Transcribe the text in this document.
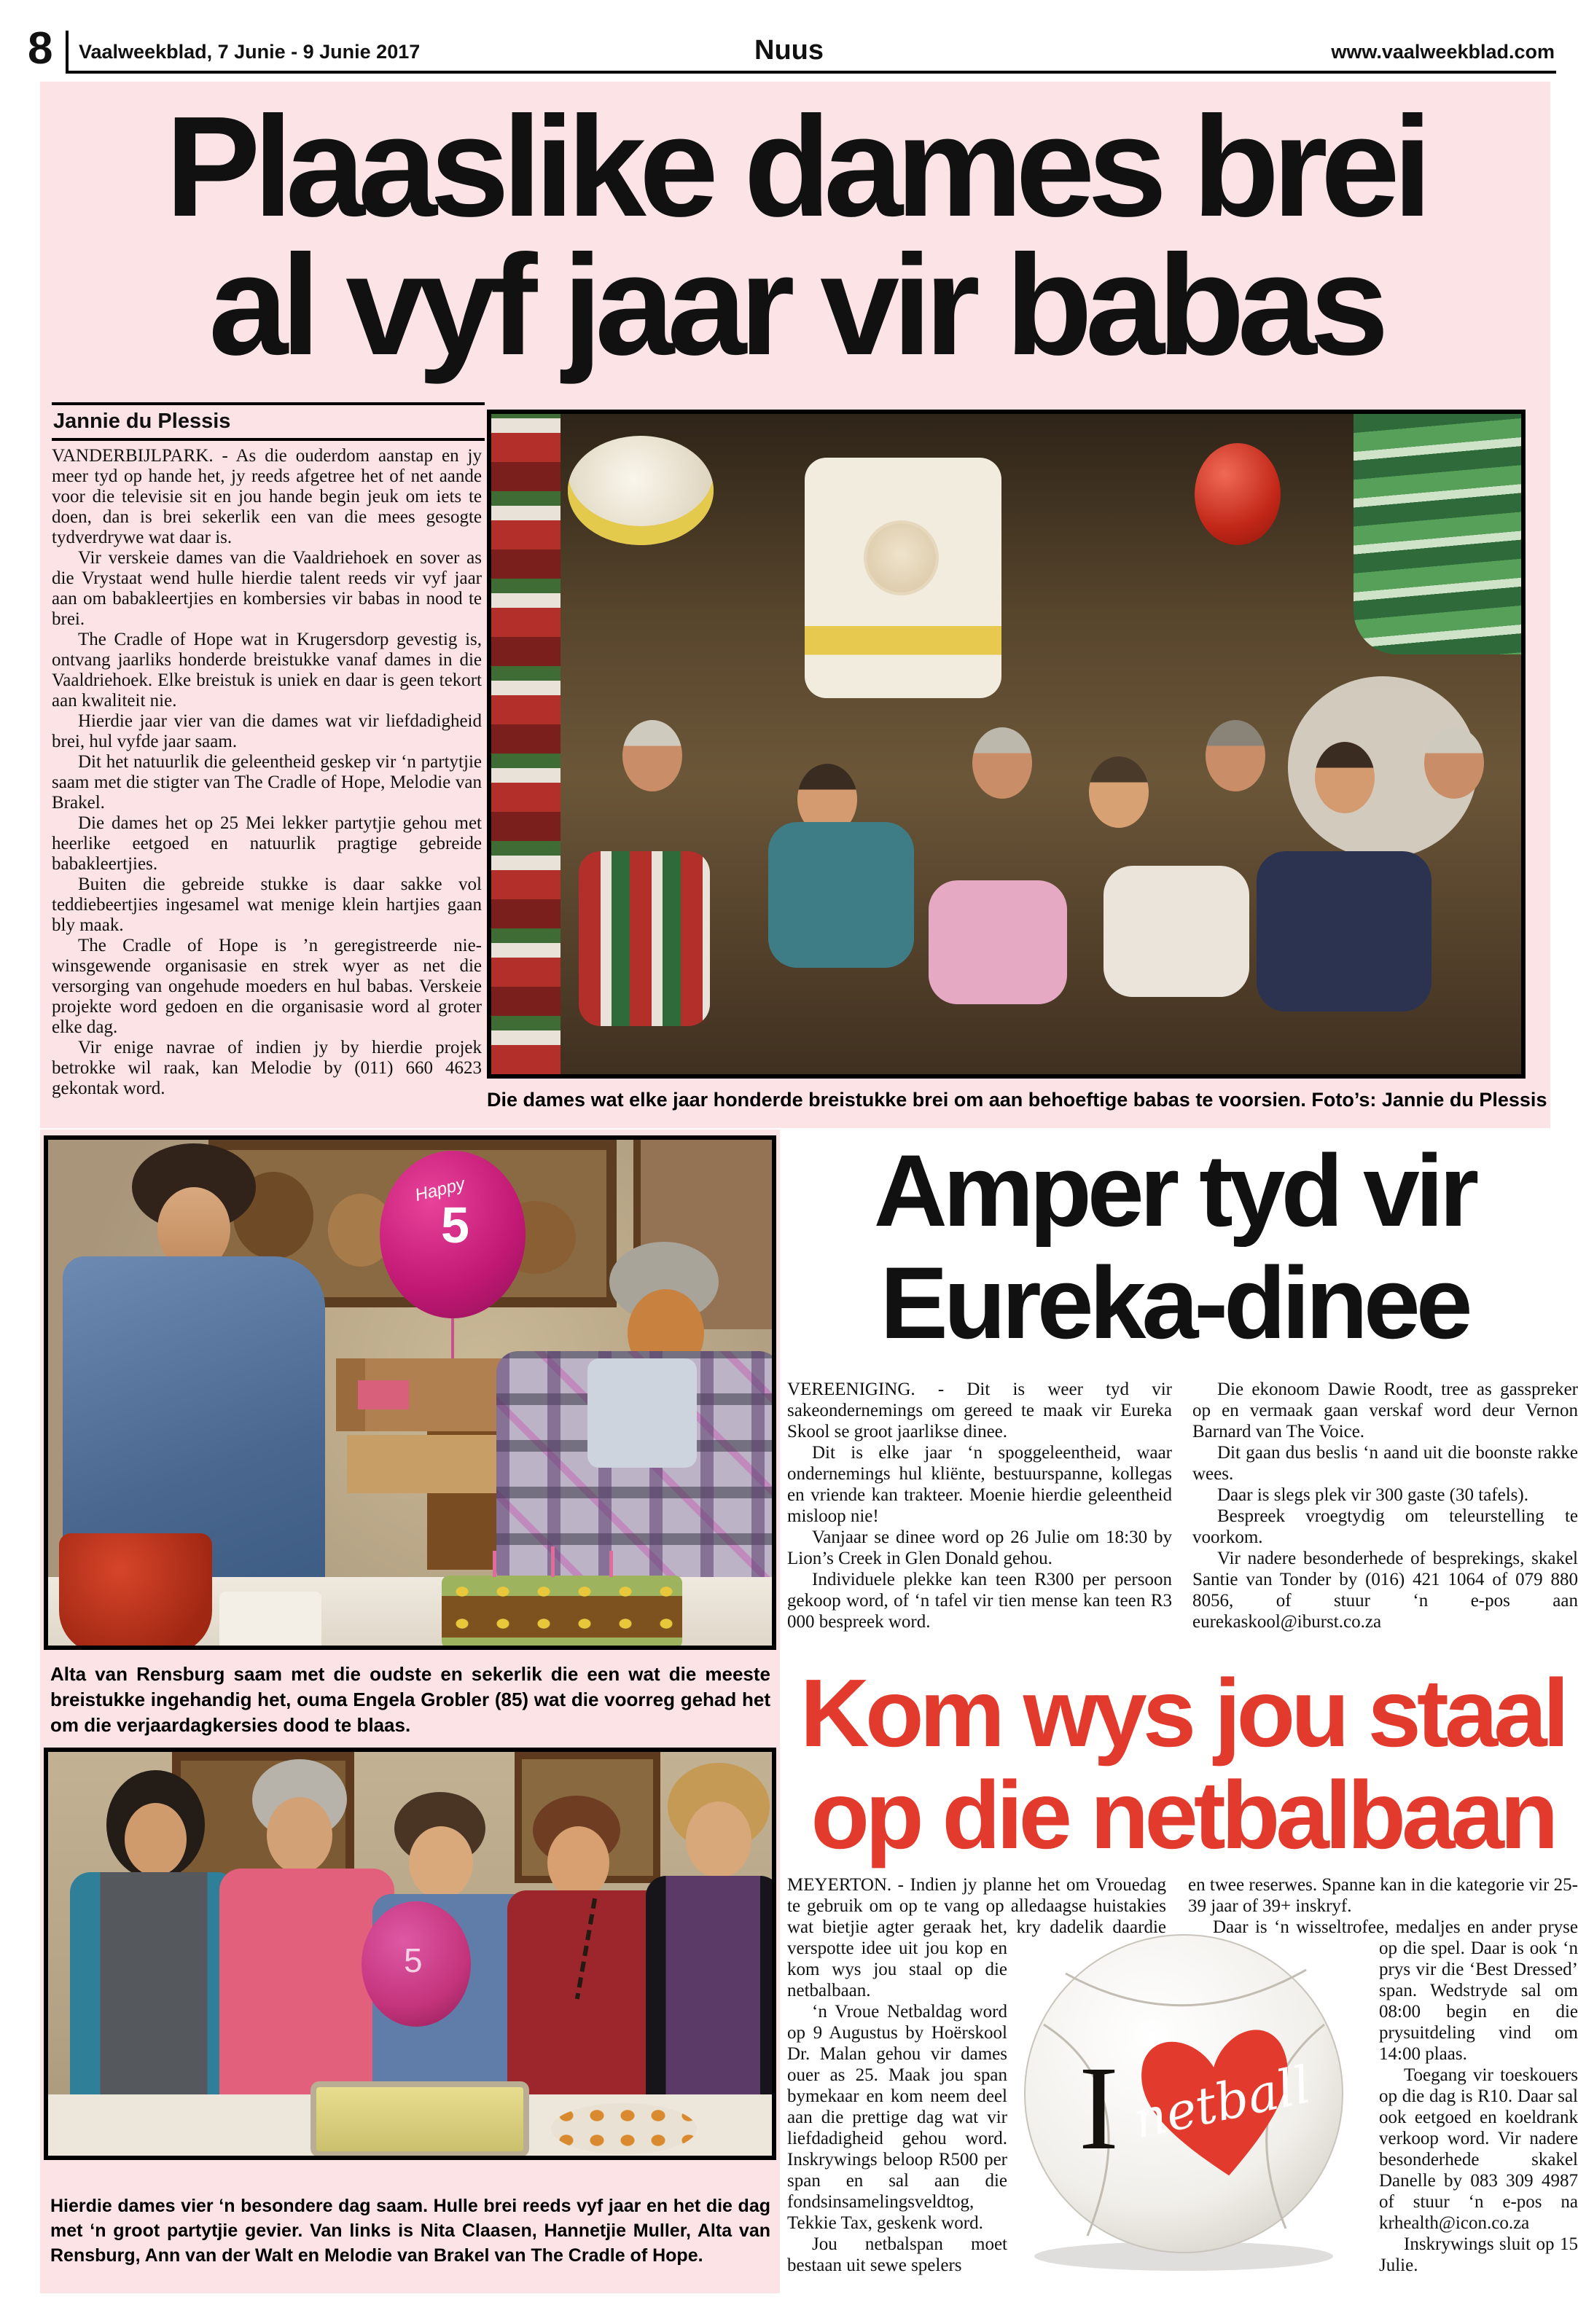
8 Vaalweekblad, 7 Junie - 9 Junie 2017	Nuus	www.vaalweekblad.com
Plaaslike dames brei
al vyf jaar vir babas
Jannie du Plessis

VANDERBIJLPARK. - As die ouderdom aanstap en jy meer tyd op hande het, jy reeds afgetree het of net aande voor die televisie sit en jou hande begin jeuk om iets te doen, dan is brei sekerlik een van die mees gesogte tydverdrywe wat daar is.

Vir verskeie dames van die Vaaldriehoek en sover as die Vrystaat wend hulle hierdie talent reeds vir vyf jaar aan om babakleertjies en kombersies vir babas in nood te brei.

The Cradle of Hope wat in Krugersdorp gevestig is, ontvang jaarliks honderde breistukke vanaf dames in die Vaaldriehoek. Elke breistuk is uniek en daar is geen tekort aan kwaliteit nie.

Hierdie jaar vier van die dames wat vir liefdadigheid brei, hul vyfde jaar saam.

Dit het natuurlik die geleentheid geskep vir ‘n partytjie saam met die stigter van The Cradle of Hope, Melodie van Brakel.

Die dames het op 25 Mei lekker partytjie gehou met heerlike eetgoed en natuurlik pragtige gebreide babakleertjies.

Buiten die gebreide stukke is daar sakke vol teddiebeertjies ingesamel wat menige klein hartjies gaan bly maak.

The Cradle of Hope is ’n geregistreerde nie-winsgewende organisasie en strek wyer as net die versorging van ongehude moeders en hul babas. Verskeie projekte word gedoen en die organisasie word al groter elke dag.

Vir enige navrae of indien jy by hierdie projek betrokke wil raak, kan Melodie by (011) 660 4623 gekontak word.

Die dames wat elke jaar honderde breistukke brei om aan behoeftige babas te voorsien. Foto’s: Jannie du Plessis
Happy
5
Alta van Rensburg saam met die oudste en sekerlik die een wat die meeste breistukke ingehandig het, ouma Engela Grobler (85) wat die voorreg gehad het om die verjaardagkersies dood te blaas.
5
Hierdie dames vier ‘n besondere dag saam. Hulle brei reeds vyf jaar en het die dag met ‘n groot partytjie gevier. Van links is Nita Claasen, Hannetjie Muller, Alta van Rensburg, Ann van der Walt en Melodie van Brakel van The Cradle of Hope.
Amper tyd vir
Eureka-dinee

VEREENIGING. - Dit is weer tyd vir sakeondernemings om gereed te maak vir Eureka Skool se groot jaarlikse dinee.

Dit is elke jaar ‘n spoggeleentheid, waar ondernemings hul kliënte, bestuurspanne, kollegas en vriende kan trakteer. Moenie hierdie geleentheid misloop nie!

Vanjaar se dinee word op 26 Julie om 18:30 by Lion’s Creek in Glen Donald gehou.

Individuele plekke kan teen R300 per persoon gekoop word, of ‘n tafel vir tien mense kan teen R3 000 bespreek word.

Die ekonoom Dawie Roodt, tree as gasspreker op en vermaak gaan verskaf word deur Vernon Barnard van The Voice.

Dit gaan dus beslis ‘n aand uit die boonste rakke wees.

Daar is slegs plek vir 300 gaste (30 tafels).

Bespreek vroegtydig om teleurstelling te voorkom.

Vir nadere besonderhede of besprekings, skakel Santie van Tonder by (016) 421 1064 of 079 880 8056, of stuur ‘n e-pos aan eurekaskool@iburst.co.za

Kom wys jou staal
op die netbalbaan

MEYERTON. - Indien jy planne het om Vrouedag te gebruik om op te vang op alledaagse huistakies wat bietjie agter geraak het, kry dadelik daardie verspotte idee uit jou kop en kom wys jou staal op die netbalbaan.

‘n Vroue Netbaldag word op 9 Augustus by Hoërskool Dr. Malan gehou vir dames ouer as 25. Maak jou span bymekaar en kom neem deel aan die prettige dag wat vir liefdadigheid gehou word. Inskrywings beloop R500 per span en sal aan die fondsinsamelingsveldtog, Tekkie Tax, geskenk word.

Jou netbalspan moet bestaan uit sewe spelers

en twee reserwes. Spanne kan in die kategorie vir 25-39 jaar of 39+ inskryf.

Daar is ‘n wisseltrofee, medaljes en ander pryse op die spel. Daar is ook ‘n prys vir die ‘Best Dressed’ span. Wedstryde sal om 08:00 begin en die prysuitdeling vind om 14:00 plaas.

Toegang vir toeskouers op die dag is R10. Daar sal ook eetgoed en koeldrank verkoop word. Vir nadere besonderhede skakel Danelle by 083 309 4987 of stuur ‘n e-pos na krhealth@icon.co.za

Inskrywings sluit op 15 Julie.

I netball
